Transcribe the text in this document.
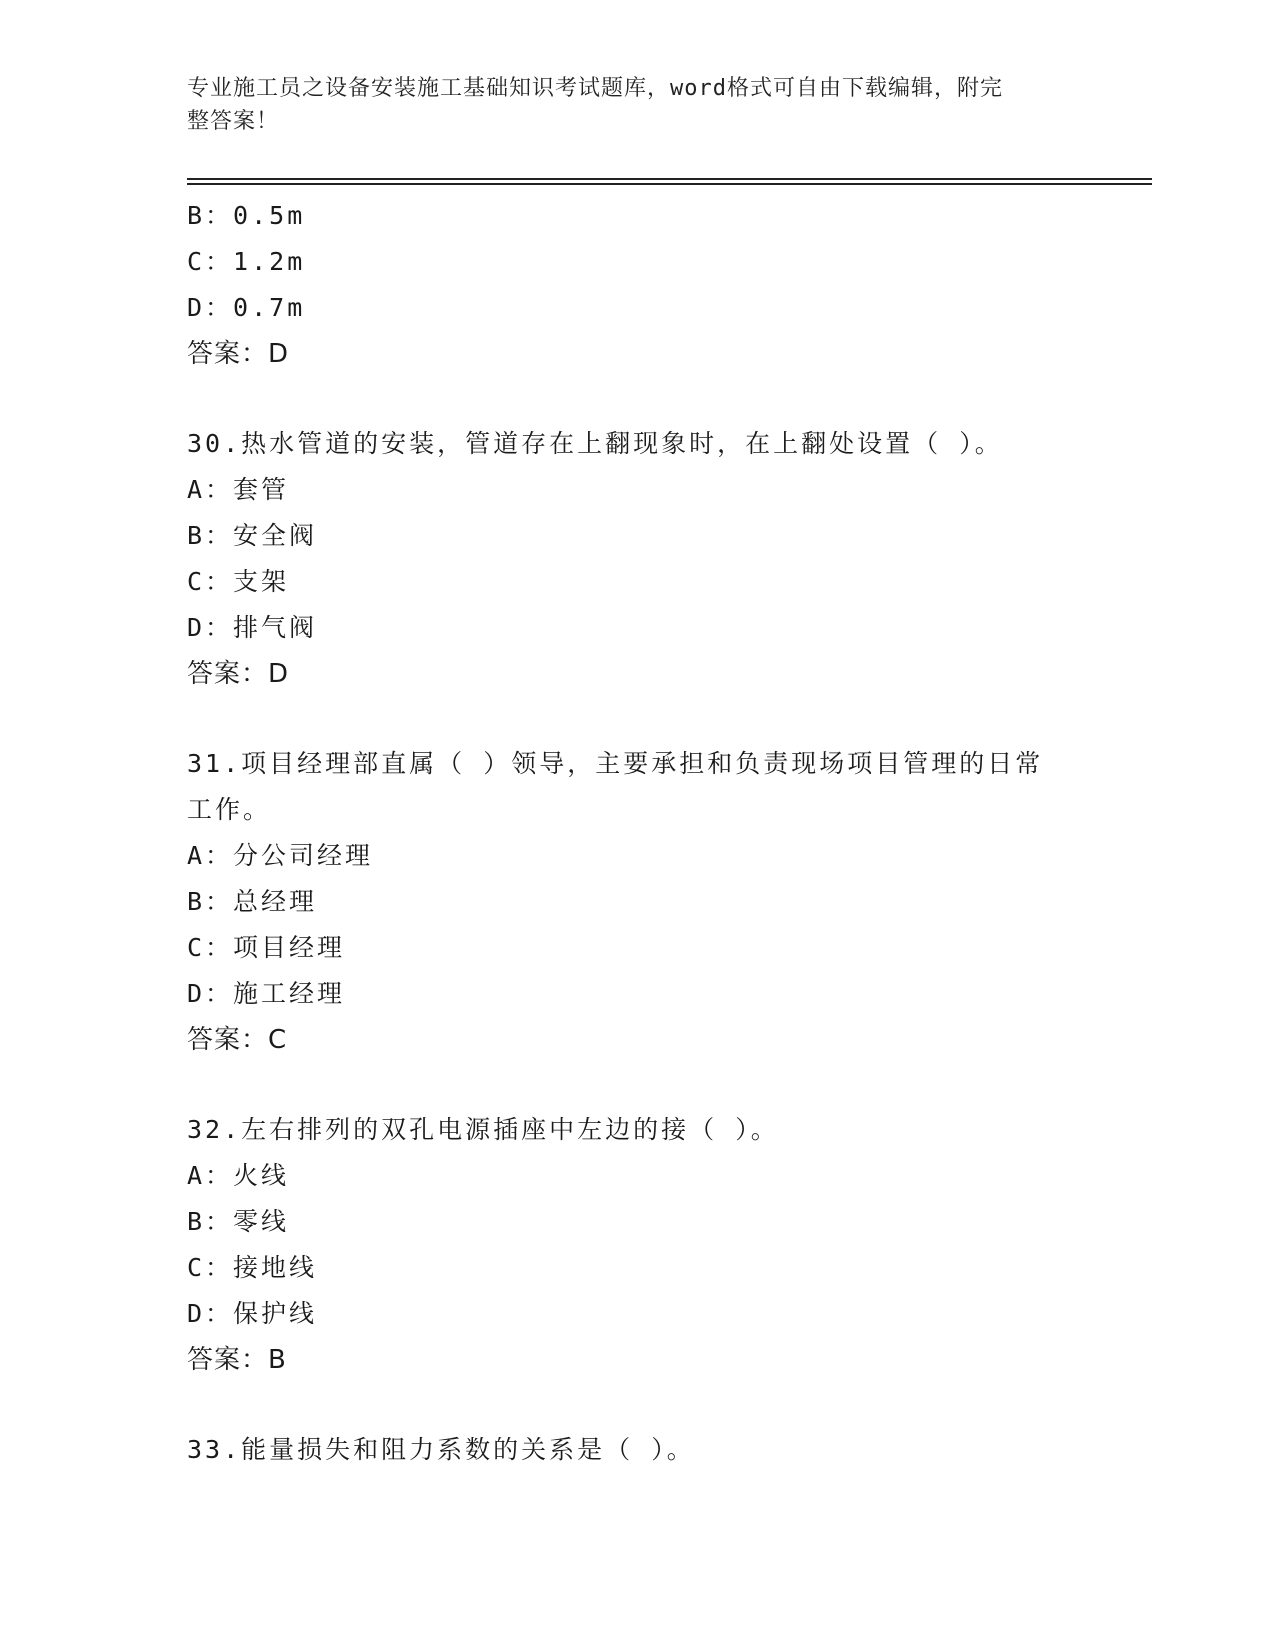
专业施工员之设备安装施工基础知识考试题库，word格式可自由下载编辑，附完
整答案！
B：0.5m
C：1.2m
D：0.7m
答案：D
30.热水管道的安装，管道存在上翻现象时，在上翻处设置（ ）。
A：套管
B：安全阀
C：支架
D：排气阀
答案：D
31.项目经理部直属（ ）领导，主要承担和负责现场项目管理的日常
工作。
A：分公司经理
B：总经理
C：项目经理
D：施工经理
答案：C
32.左右排列的双孔电源插座中左边的接（ ）。
A：火线
B：零线
C：接地线
D：保护线
答案：B
33.能量损失和阻力系数的关系是（ ）。
